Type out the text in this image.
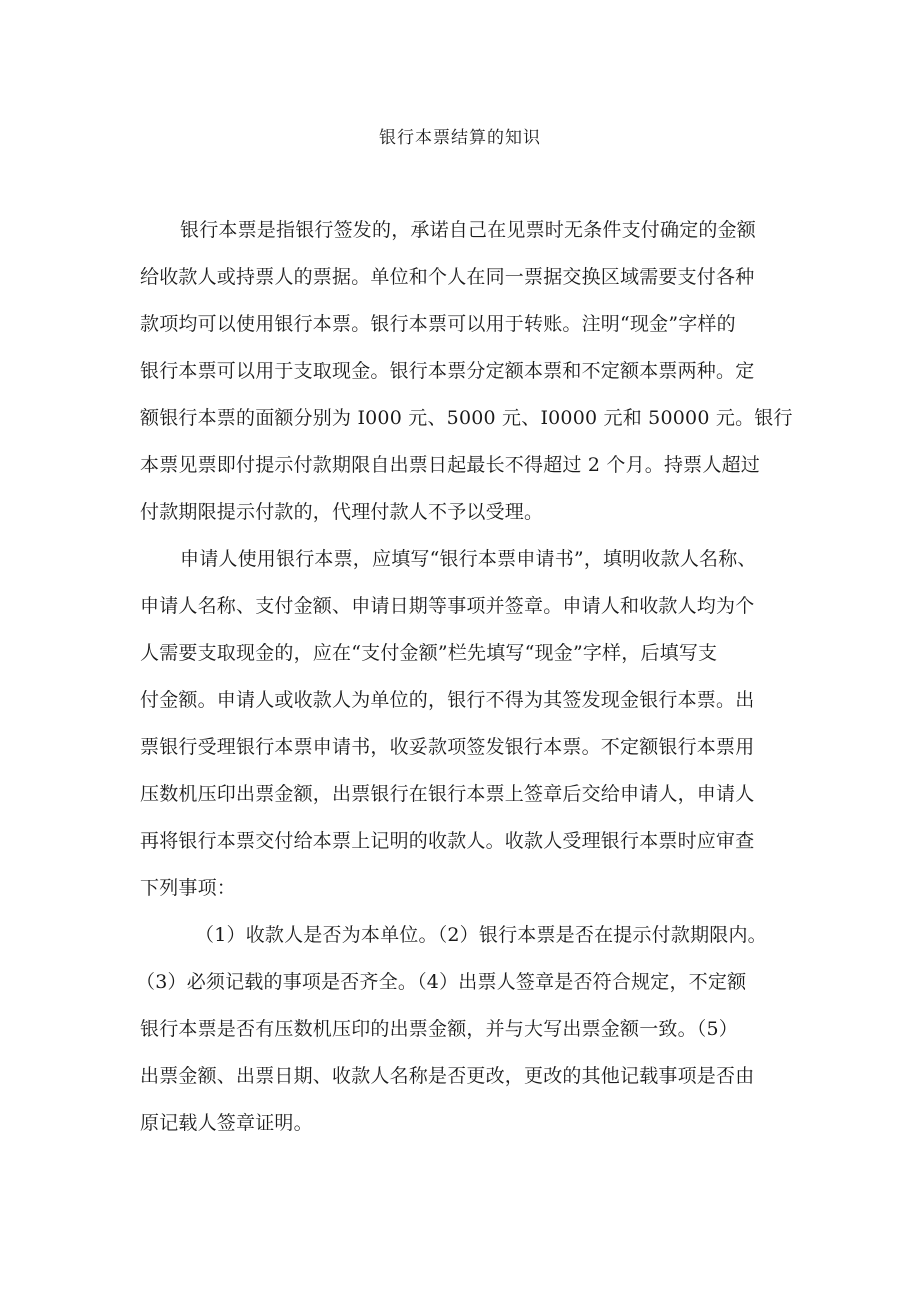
银行本票结算的知识
银行本票是指银行签发的，承诺自己在见票时无条件支付确定的金额
给收款人或持票人的票据。单位和个人在同一票据交换区域需要支付各种
款项均可以使用银行本票。银行本票可以用于转账。注明“现金”字样的
银行本票可以用于支取现金。银行本票分定额本票和不定额本票两种。定
额银行本票的面额分别为 I000 元、5000 元、I0000 元和 50000 元。银行
本票见票即付提示付款期限自出票日起最长不得超过 2 个月。持票人超过
付款期限提示付款的，代理付款人不予以受理。
申请人使用银行本票，应填写“银行本票申请书”，填明收款人名称、
申请人名称、支付金额、申请日期等事项并签章。申请人和收款人均为个
人需要支取现金的，应在“支付金额”栏先填写“现金”字样，后填写支
付金额。申请人或收款人为单位的，银行不得为其签发现金银行本票。出
票银行受理银行本票申请书，收妥款项签发银行本票。不定额银行本票用
压数机压印出票金额，出票银行在银行本票上签章后交给申请人，申请人
再将银行本票交付给本票上记明的收款人。收款人受理银行本票时应审查
下列事项：
（1）收款人是否为本单位。（2）银行本票是否在提示付款期限内。
（3）必须记载的事项是否齐全。（4）出票人签章是否符合规定，不定额
银行本票是否有压数机压印的出票金额，并与大写出票金额一致。（5）
出票金额、出票日期、收款人名称是否更改，更改的其他记载事项是否由
原记载人签章证明。
